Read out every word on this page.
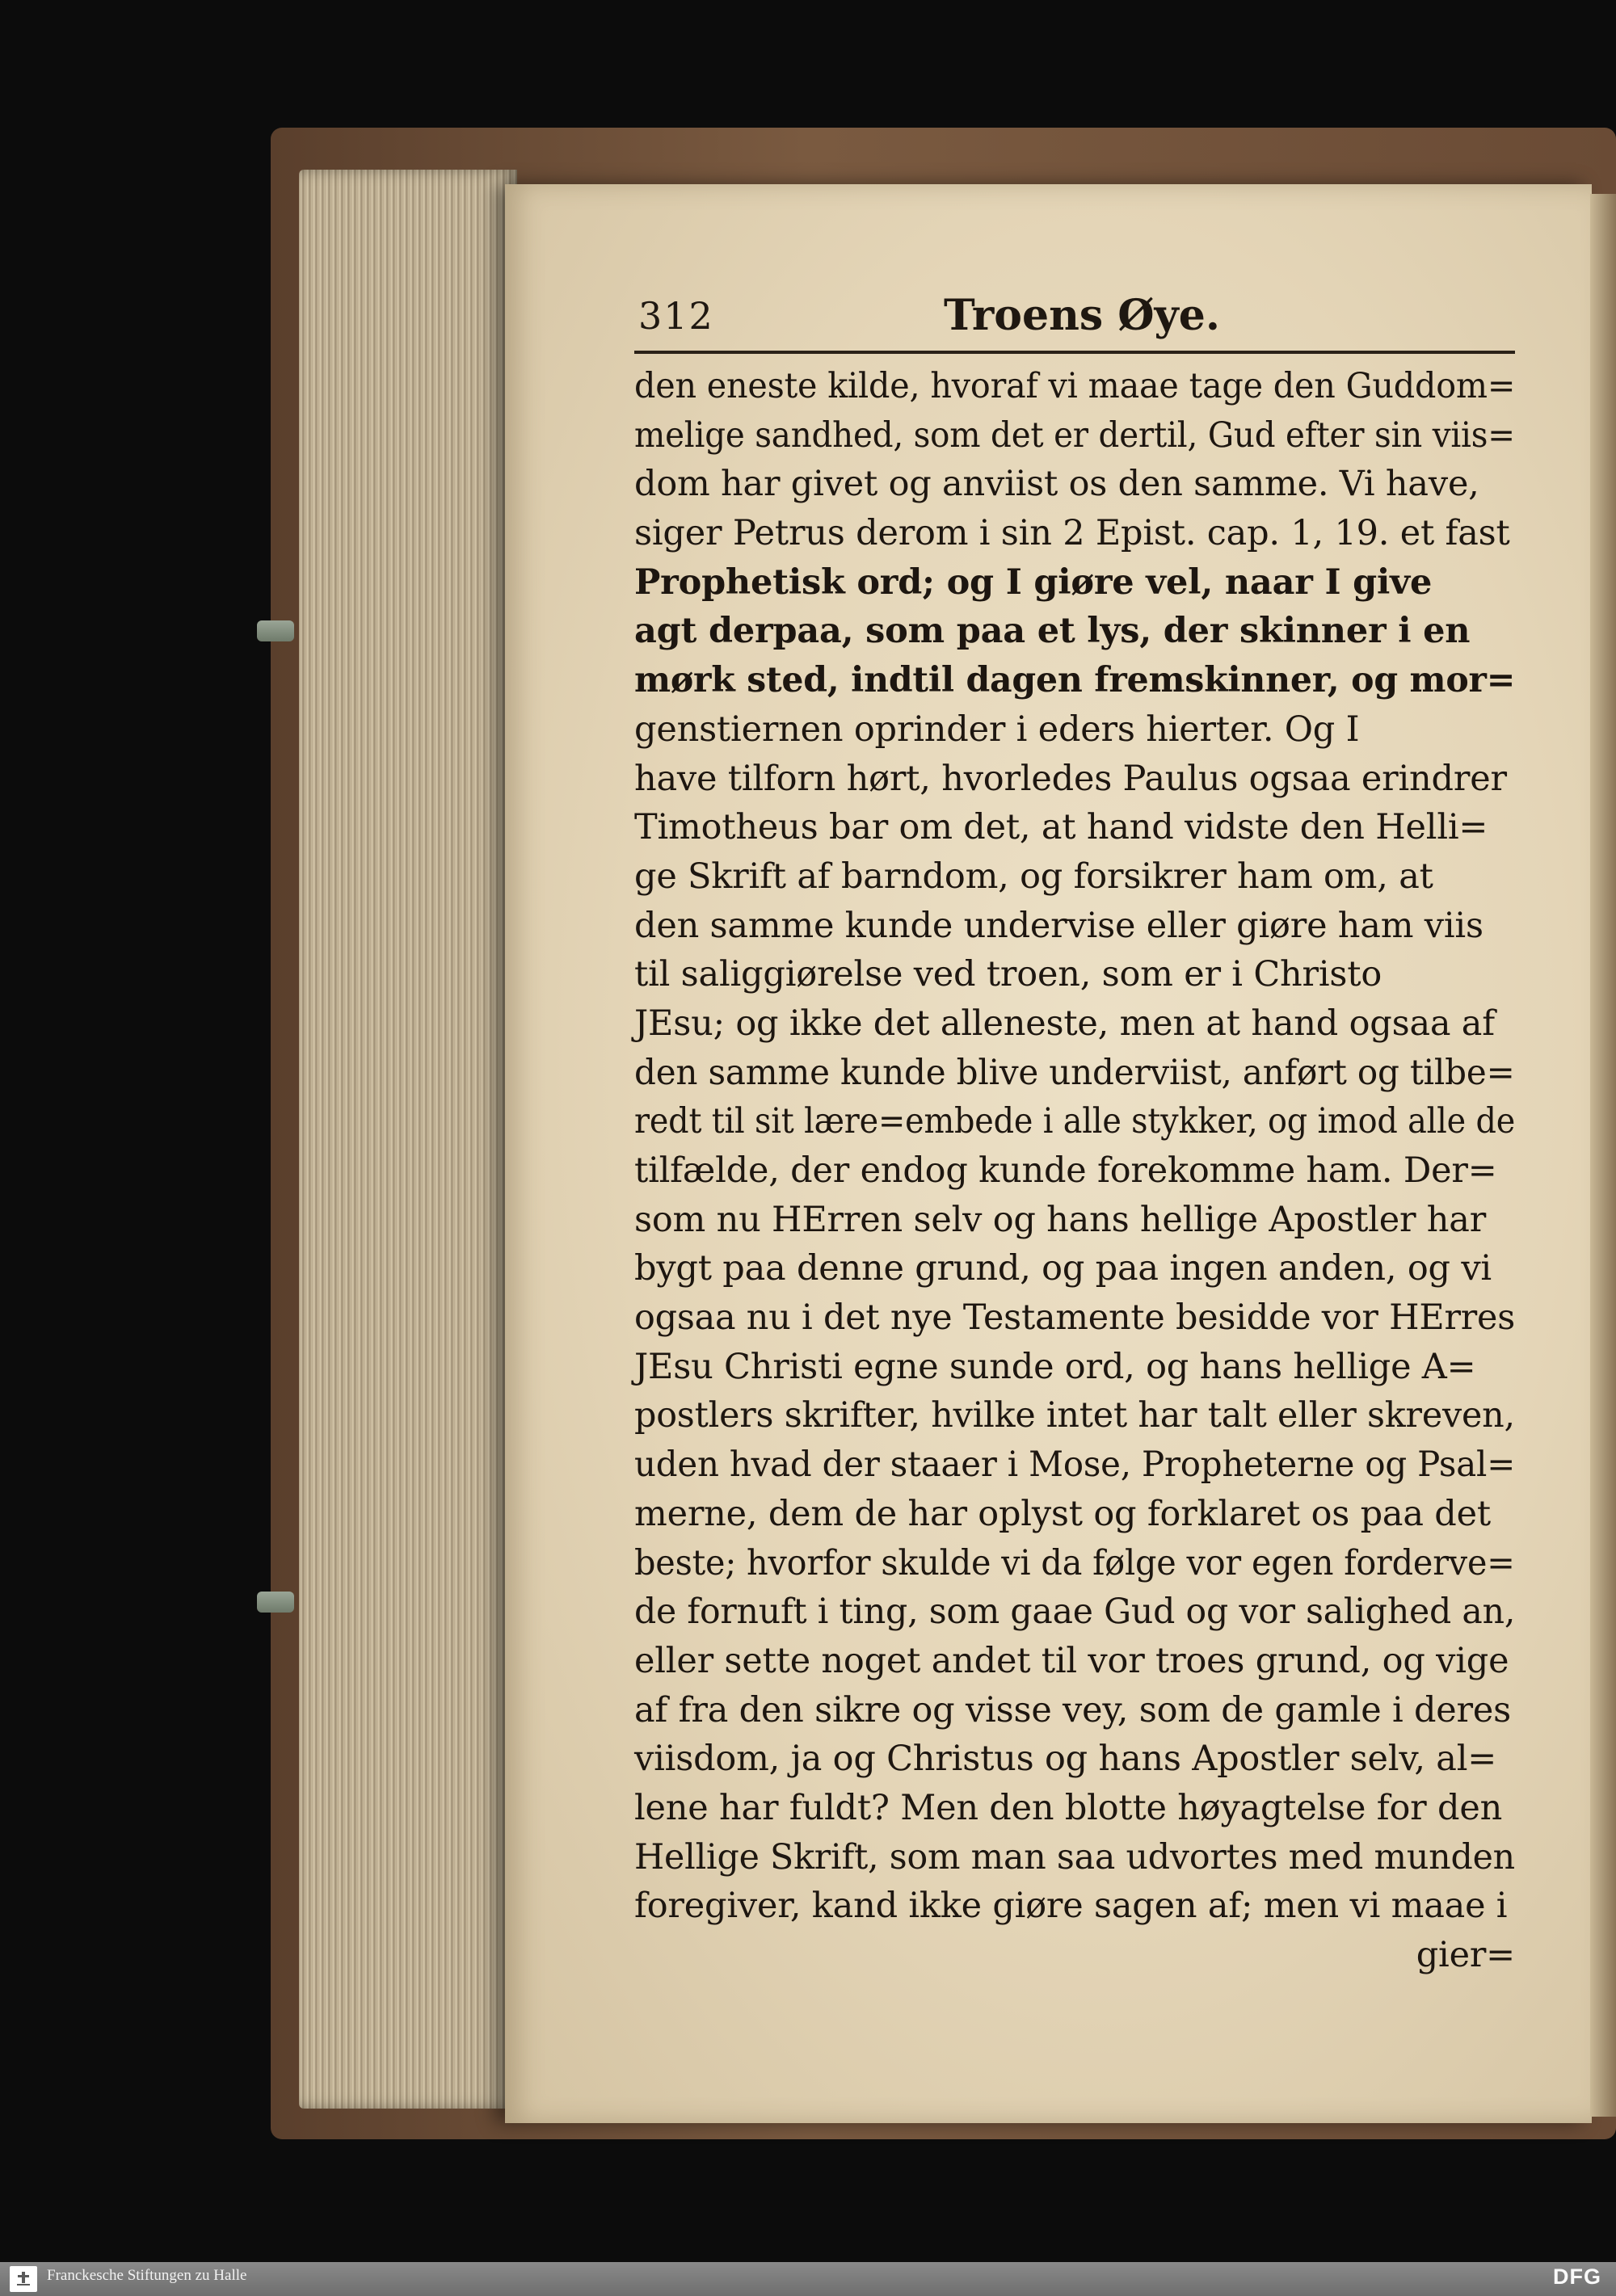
312	Troens Øye.
den eneste kilde, hvoraf vi maae tage den Guddom=
melige sandhed, som det er dertil, Gud efter sin viis=
dom har givet og anviist os den samme. Vi have,
siger Petrus derom i sin 2 Epist. cap. 1, 19. et fast
Prophetisk ord; og I giøre vel, naar I give
agt derpaa, som paa et lys, der skinner i en
mørk sted, indtil dagen fremskinner, og mor=
genstiernen oprinder i eders hierter. Og I
have tilforn hørt, hvorledes Paulus ogsaa erindrer
Timotheus bar om det, at hand vidste den Helli=
ge Skrift af barndom, og forsikrer ham om, at
den samme kunde undervise eller giøre ham viis
til saliggiørelse ved troen, som er i Christo
JEsu; og ikke det alleneste, men at hand ogsaa af
den samme kunde blive underviist, anført og tilbe=
redt til sit lære=embede i alle stykker, og imod alle de
tilfælde, der endog kunde forekomme ham. Der=
som nu HErren selv og hans hellige Apostler har
bygt paa denne grund, og paa ingen anden, og vi
ogsaa nu i det nye Testamente besidde vor HErres
JEsu Christi egne sunde ord, og hans hellige A=
postlers skrifter, hvilke intet har talt eller skreven,
uden hvad der staaer i Mose, Propheterne og Psal=
merne, dem de har oplyst og forklaret os paa det
beste; hvorfor skulde vi da følge vor egen forderve=
de fornuft i ting, som gaae Gud og vor salighed an,
eller sette noget andet til vor troes grund, og vige
af fra den sikre og visse vey, som de gamle i deres
viisdom, ja og Christus og hans Apostler selv, al=
lene har fuldt? Men den blotte høyagtelse for den
Hellige Skrift, som man saa udvortes med munden
foregiver, kand ikke giøre sagen af; men vi maae i
gier=
Franckesche Stiftungen zu Halle	DFG
